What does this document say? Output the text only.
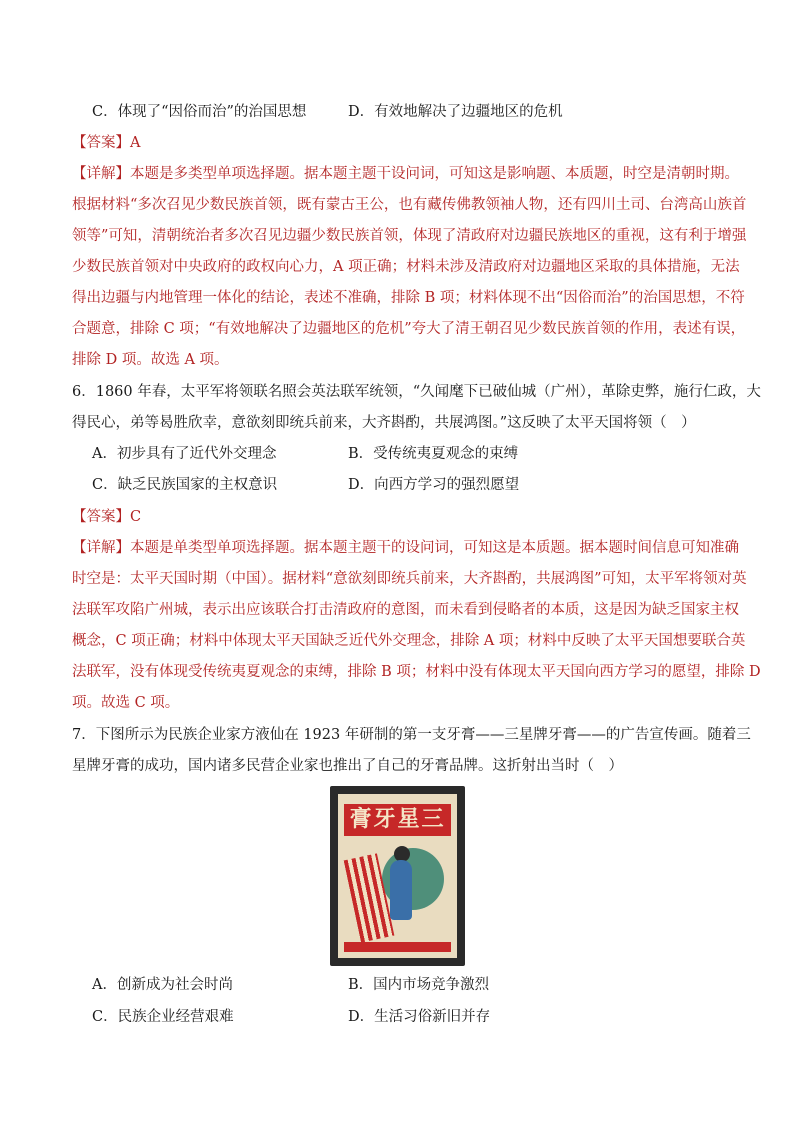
C．体现了“因俗而治”的治国思想	D．有效地解决了边疆地区的危机
【答案】A
【详解】本题是多类型单项选择题。据本题主题干设问词，可知这是影响题、本质题，时空是清朝时期。
根据材料“多次召见少数民族首领，既有蒙古王公，也有藏传佛教领袖人物，还有四川土司、台湾高山族首
领等”可知，清朝统治者多次召见边疆少数民族首领，体现了清政府对边疆民族地区的重视，这有利于增强
少数民族首领对中央政府的政权向心力，A 项正确；材料未涉及清政府对边疆地区采取的具体措施，无法
得出边疆与内地管理一体化的结论，表述不准确，排除 B 项；材料体现不出“因俗而治”的治国思想，不符
合题意，排除 C 项；“有效地解决了边疆地区的危机”夸大了清王朝召见少数民族首领的作用，表述有误，
排除 D 项。故选 A 项。
6．1860 年春，太平军将领联名照会英法联军统领，“久闻麾下已破仙城（广州），革除吏弊，施行仁政，大
得民心，弟等曷胜欣幸，意欲刻即统兵前来，大齐斟酌，共展鸿图。”这反映了太平天国将领（　）
A．初步具有了近代外交理念	B．受传统夷夏观念的束缚
C．缺乏民族国家的主权意识	D．向西方学习的强烈愿望
【答案】C
【详解】本题是单类型单项选择题。据本题主题干的设问词，可知这是本质题。据本题时间信息可知准确
时空是：太平天国时期（中国）。据材料“意欲刻即统兵前来，大齐斟酌，共展鸿图”可知，太平军将领对英
法联军攻陷广州城，表示出应该联合打击清政府的意图，而未看到侵略者的本质，这是因为缺乏国家主权
概念，C 项正确；材料中体现太平天国缺乏近代外交理念，排除 A 项；材料中反映了太平天国想要联合英
法联军，没有体现受传统夷夏观念的束缚，排除 B 项；材料中没有体现太平天国向西方学习的愿望，排除 D
项。故选 C 项。
7．下图所示为民族企业家方液仙在 1923 年研制的第一支牙膏——三星牌牙膏——的广告宣传画。随着三
星牌牙膏的成功，国内诸多民营企业家也推出了自己的牙膏品牌。这折射出当时（　）
膏牙星三
A．创新成为社会时尚	B．国内市场竞争激烈
C．民族企业经营艰难	D．生活习俗新旧并存
